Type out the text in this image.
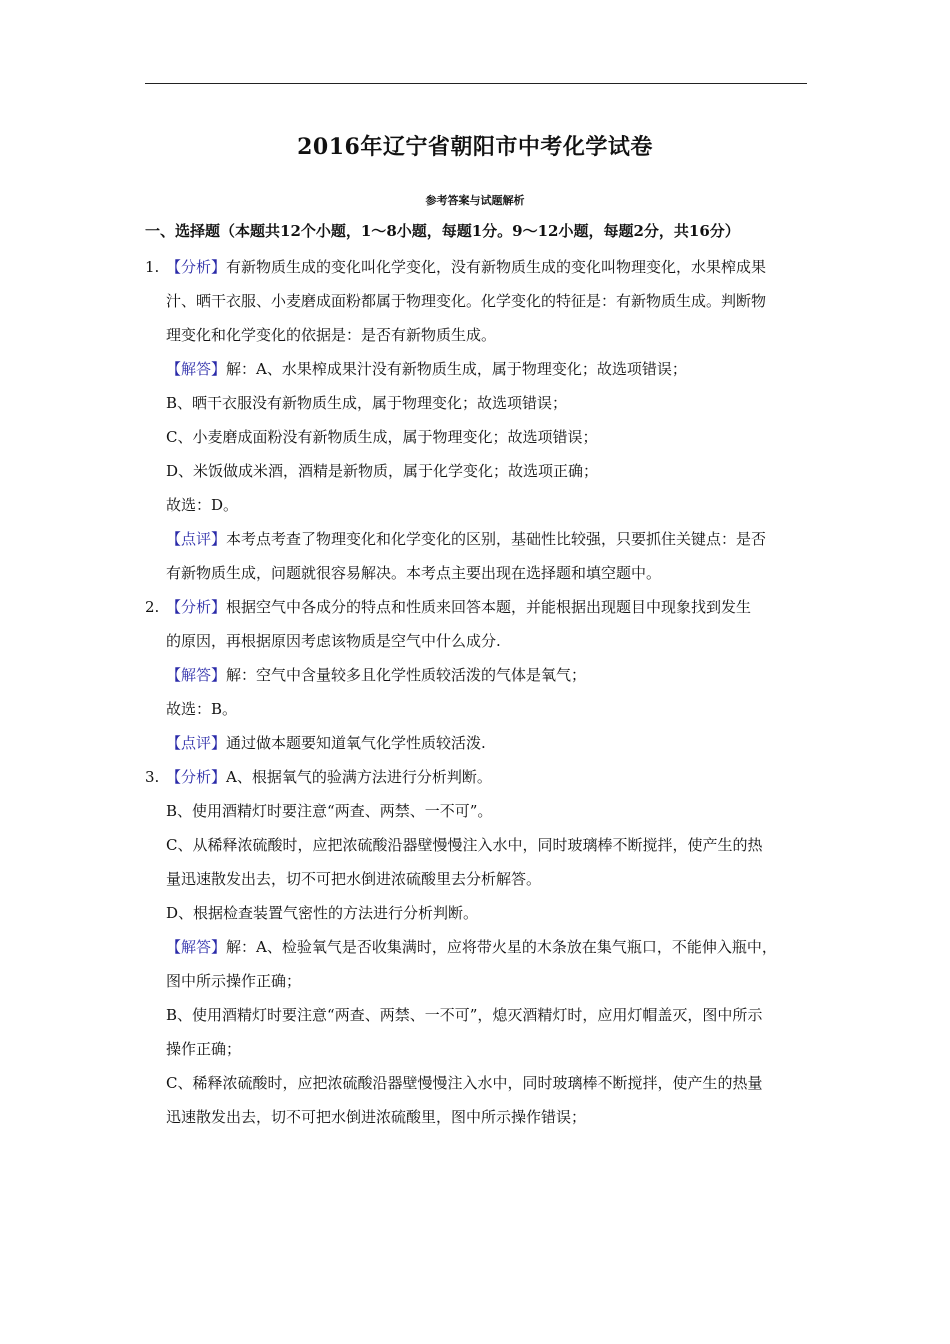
2016年辽宁省朝阳市中考化学试卷
参考答案与试题解析
一、选择题（本题共12个小题，1～8小题，每题1分。9～12小题，每题2分，共16分）
1. 【分析】有新物质生成的变化叫化学变化，没有新物质生成的变化叫物理变化，水果榨成果
汁、晒干衣服、小麦磨成面粉都属于物理变化。化学变化的特征是：有新物质生成。判断物
理变化和化学变化的依据是：是否有新物质生成。
【解答】解：A、水果榨成果汁没有新物质生成，属于物理变化；故选项错误；
B、晒干衣服没有新物质生成，属于物理变化；故选项错误；
C、小麦磨成面粉没有新物质生成，属于物理变化；故选项错误；
D、米饭做成米酒，酒精是新物质，属于化学变化；故选项正确；
故选：D。
【点评】本考点考查了物理变化和化学变化的区别，基础性比较强，只要抓住关键点：是否
有新物质生成，问题就很容易解决。本考点主要出现在选择题和填空题中。
2. 【分析】根据空气中各成分的特点和性质来回答本题，并能根据出现题目中现象找到发生
的原因，再根据原因考虑该物质是空气中什么成分.
【解答】解：空气中含量较多且化学性质较活泼的气体是氧气；
故选：B。
【点评】通过做本题要知道氧气化学性质较活泼.
3. 【分析】A、根据氧气的验满方法进行分析判断。
B、使用酒精灯时要注意“两查、两禁、一不可”。
C、从稀释浓硫酸时，应把浓硫酸沿器壁慢慢注入水中，同时玻璃棒不断搅拌，使产生的热
量迅速散发出去，切不可把水倒进浓硫酸里去分析解答。
D、根据检查装置气密性的方法进行分析判断。
【解答】解：A、检验氧气是否收集满时，应将带火星的木条放在集气瓶口，不能伸入瓶中，
图中所示操作正确；
B、使用酒精灯时要注意“两查、两禁、一不可”，熄灭酒精灯时，应用灯帽盖灭，图中所示
操作正确；
C、稀释浓硫酸时，应把浓硫酸沿器壁慢慢注入水中，同时玻璃棒不断搅拌，使产生的热量
迅速散发出去，切不可把水倒进浓硫酸里，图中所示操作错误；
